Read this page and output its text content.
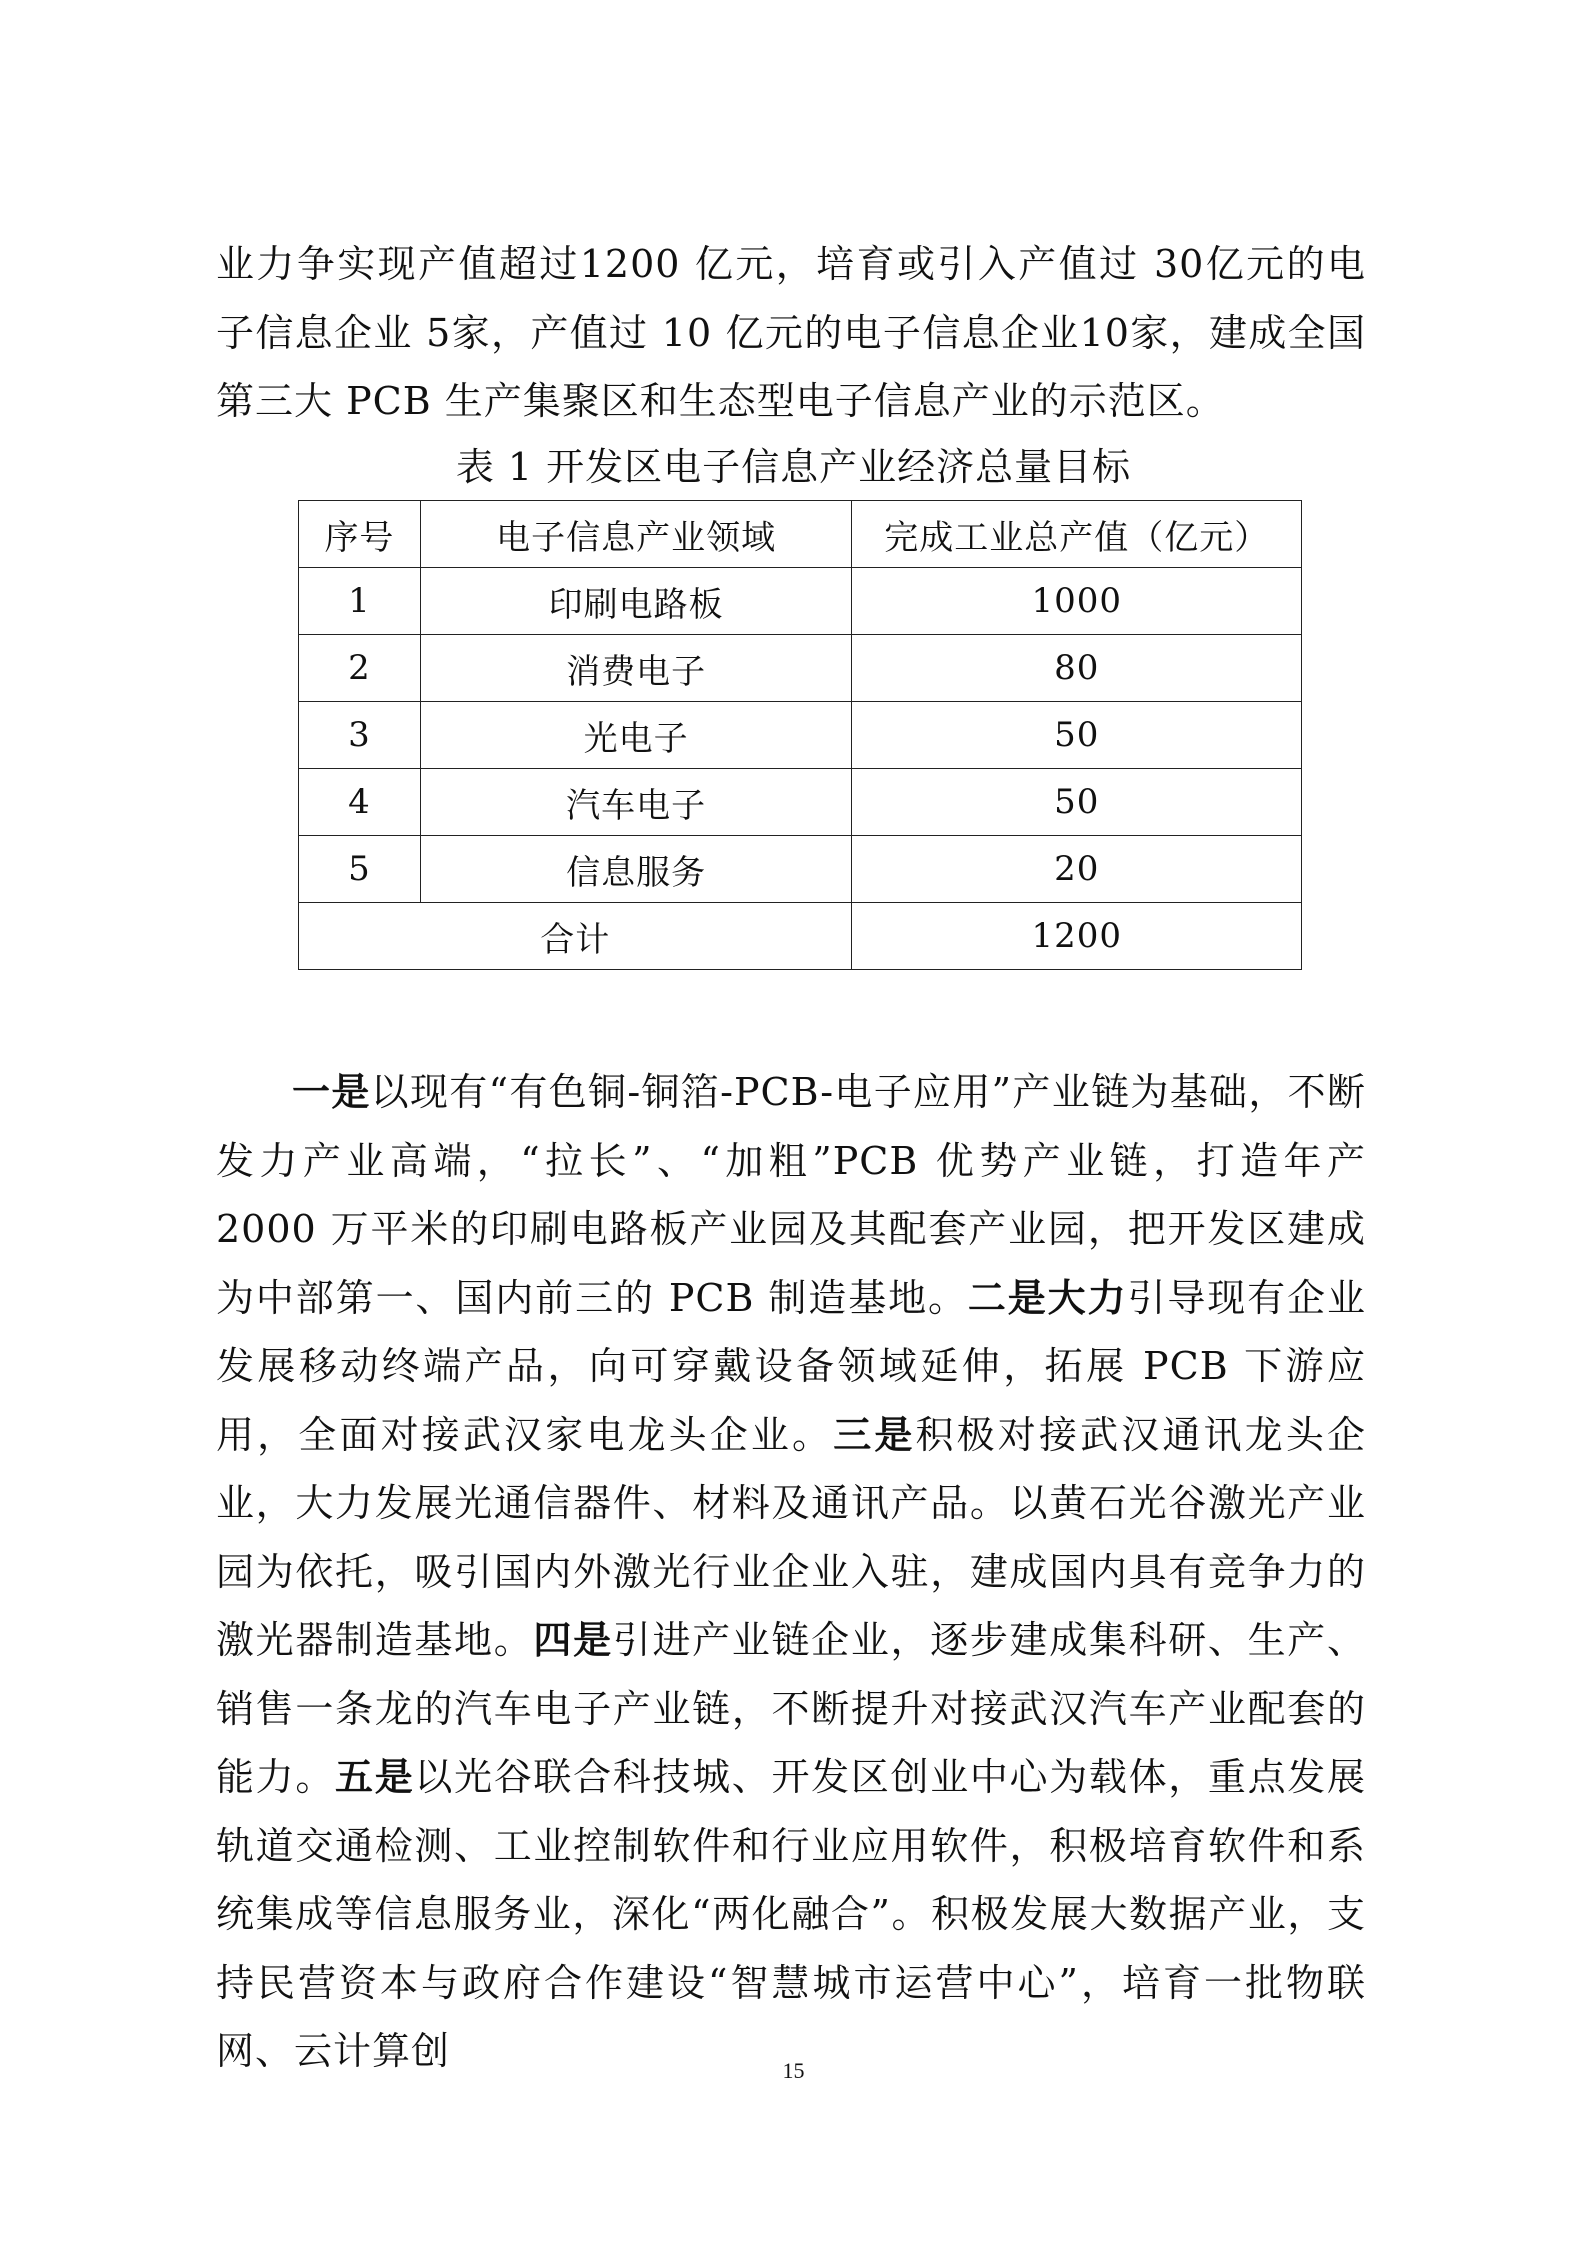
业力争实现产值超过1200 亿元，培育或引入产值过 30亿元的电子信息企业 5家，产值过 10 亿元的电子信息企业10家，建成全国第三大 PCB 生产集聚区和生态型电子信息产业的示范区。

表 1 开发区电子信息产业经济总量目标
序号	电子信息产业领域	完成工业总产值（亿元）
1	印刷电路板	1000
2	消费电子	80
3	光电子	50
4	汽车电子	50
5	信息服务	20
合计		1200

一是以现有“有色铜-铜箔-PCB-电子应用”产业链为基础，不断发力产业高端，“拉长”、“加粗”PCB 优势产业链，打造年产 2000 万平米的印刷电路板产业园及其配套产业园，把开发区建成为中部第一、国内前三的 PCB 制造基地。二是大力引导现有企业发展移动终端产品，向可穿戴设备领域延伸，拓展 PCB 下游应用，全面对接武汉家电龙头企业。三是积极对接武汉通讯龙头企业，大力发展光通信器件、材料及通讯产品。以黄石光谷激光产业园为依托，吸引国内外激光行业企业入驻，建成国内具有竞争力的激光器制造基地。四是引进产业链企业，逐步建成集科研、生产、销售一条龙的汽车电子产业链，不断提升对接武汉汽车产业配套的能力。五是以光谷联合科技城、开发区创业中心为载体，重点发展轨道交通检测、工业控制软件和行业应用软件，积极培育软件和系统集成等信息服务业，深化“两化融合”。积极发展大数据产业，支持民营资本与政府合作建设“智慧城市运营中心”，培育一批物联网、云计算创	15
